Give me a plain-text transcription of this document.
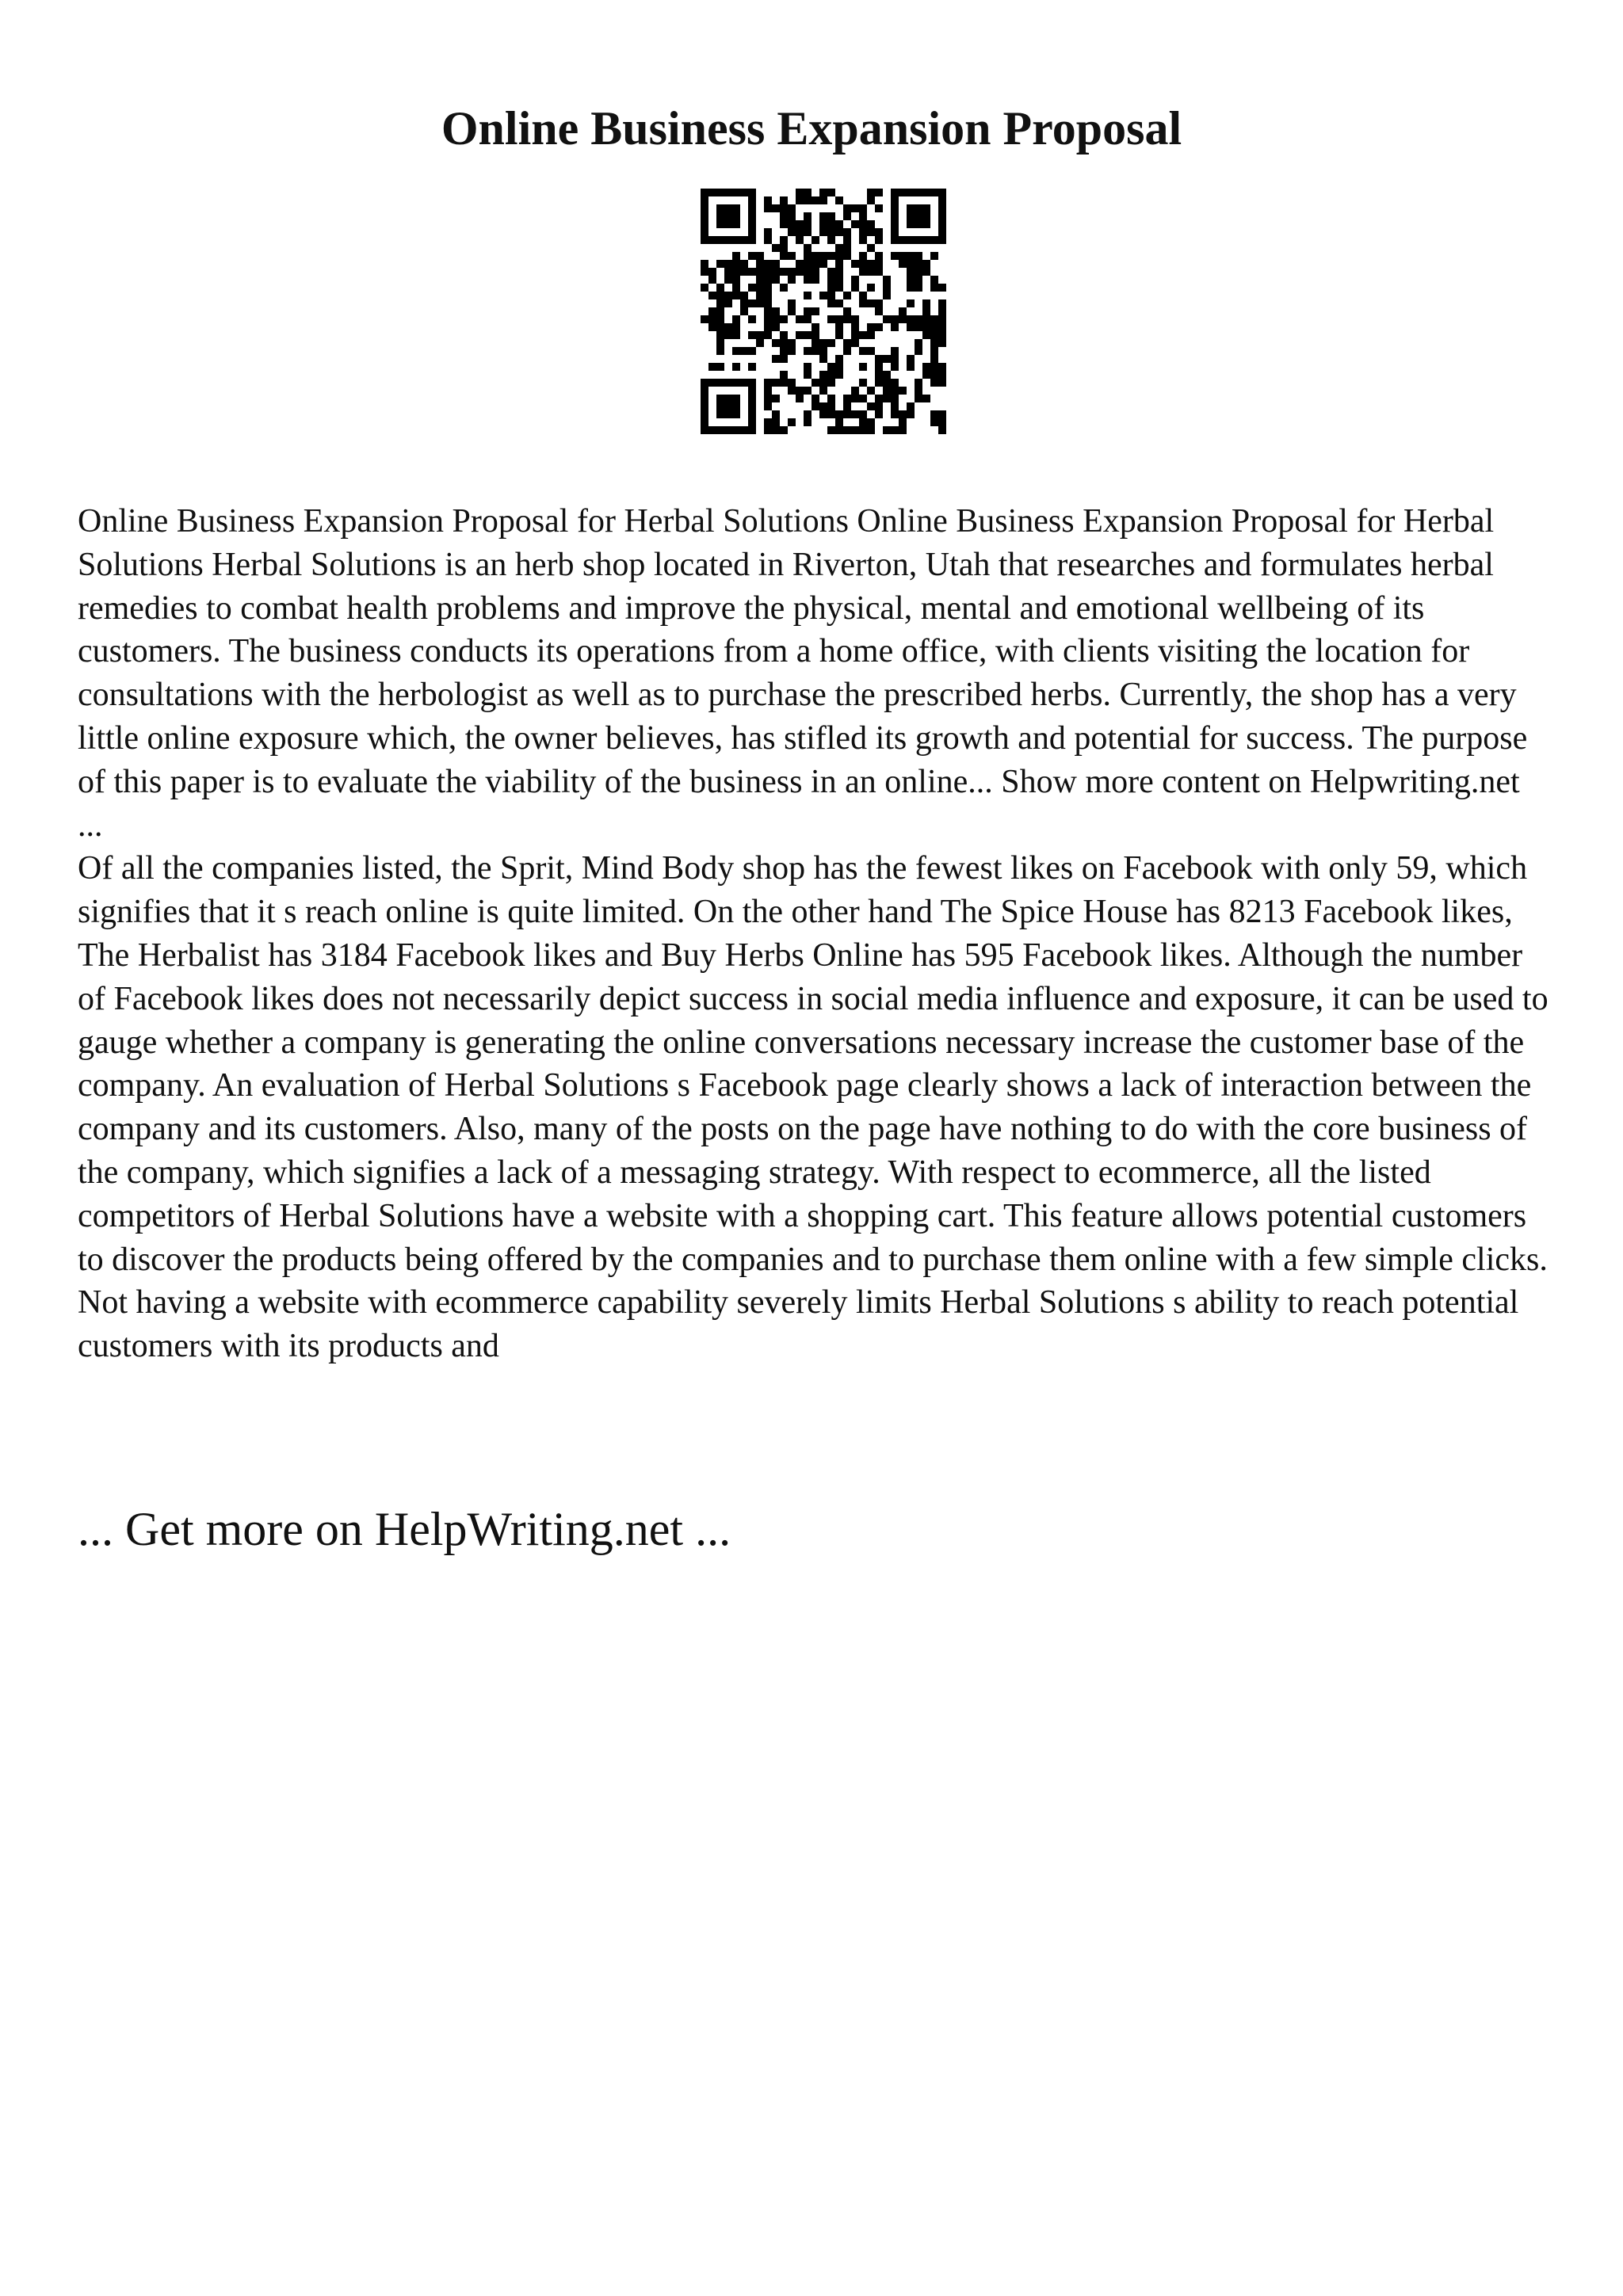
Online Business Expansion Proposal

Online Business Expansion Proposal for Herbal Solutions Online Business Expansion Proposal for Herbal Solutions Herbal Solutions is an herb shop located in Riverton, Utah that researches and formulates herbal remedies to combat health problems and improve the physical, mental and emotional wellbeing of its customers. The business conducts its operations from a home office, with clients visiting the location for consultations with the herbologist as well as to purchase the prescribed herbs. Currently, the shop has a very little online exposure which, the owner believes, has stifled its growth and potential for success. The purpose of this paper is to evaluate the viability of the business in an online... Show more content on Helpwriting.net ...

Of all the companies listed, the Sprit, Mind Body shop has the fewest likes on Facebook with only 59, which signifies that it s reach online is quite limited. On the other hand The Spice House has 8213 Facebook likes, The Herbalist has 3184 Facebook likes and Buy Herbs Online has 595 Facebook likes. Although the number of Facebook likes does not necessarily depict success in social media influence and exposure, it can be used to gauge whether a company is generating the online conversations necessary increase the customer base of the company. An evaluation of Herbal Solutions s Facebook page clearly shows a lack of interaction between the company and its customers. Also, many of the posts on the page have nothing to do with the core business of the company, which signifies a lack of a messaging strategy. With respect to ecommerce, all the listed competitors of Herbal Solutions have a website with a shopping cart. This feature allows potential customers to discover the products being offered by the companies and to purchase them online with a few simple clicks. Not having a website with ecommerce capability severely limits Herbal Solutions s ability to reach potential customers with its products and

... Get more on HelpWriting.net ...
